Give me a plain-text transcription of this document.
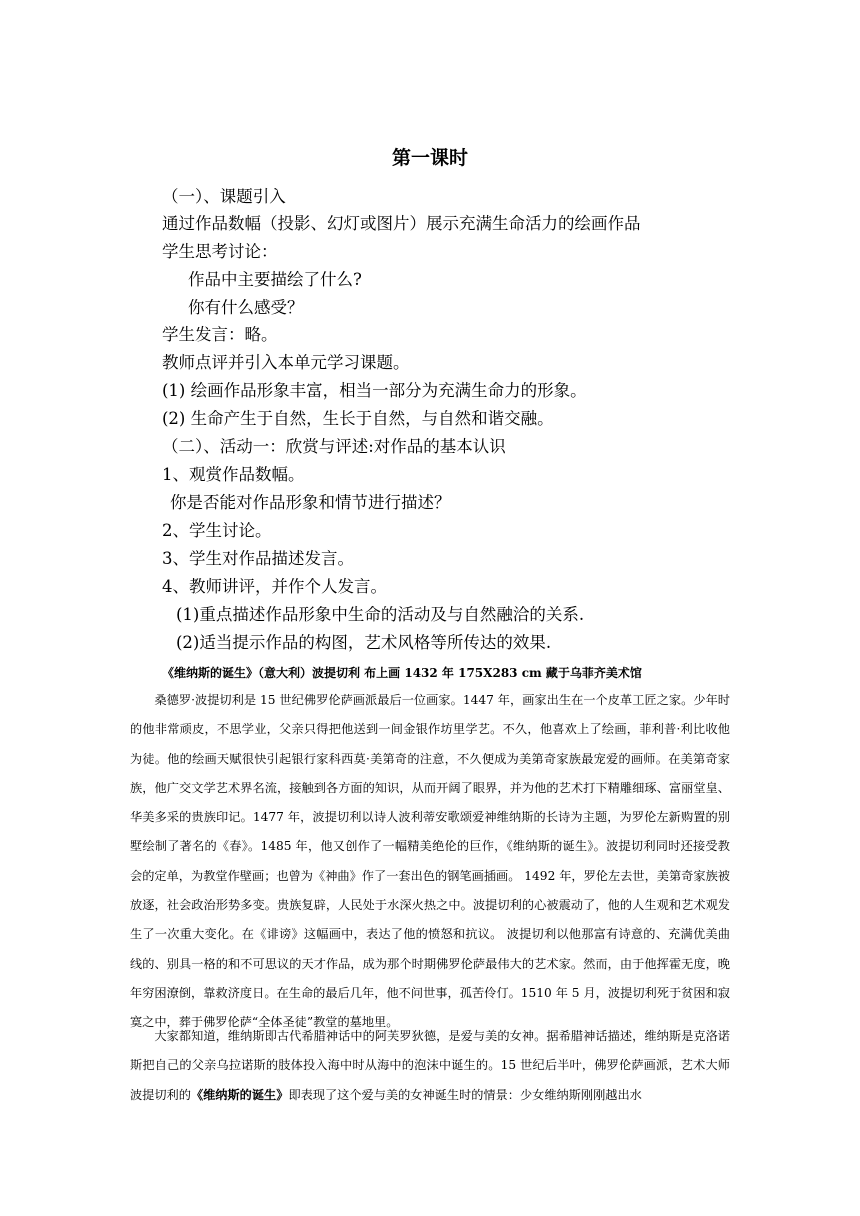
第一课时
（一）、课题引入
通过作品数幅（投影、幻灯或图片）展示充满生命活力的绘画作品
学生思考讨论：
作品中主要描绘了什么?
你有什么感受？
学生发言：略。
教师点评并引入本单元学习课题。
(1) 绘画作品形象丰富，相当一部分为充满生命力的形象。
(2) 生命产生于自然，生长于自然，与自然和谐交融。
（二）、活动一：欣赏与评述:对作品的基本认识
1、观赏作品数幅。
你是否能对作品形象和情节进行描述？
2、学生讨论。
3、学生对作品描述发言。
4、教师讲评，并作个人发言。
(1)重点描述作品形象中生命的活动及与自然融洽的关系.
(2)适当提示作品的构图，艺术风格等所传达的效果.
《维纳斯的诞生》（意大利）波提切利 布上画 1432 年 175X283 cm 藏于乌菲齐美术馆

桑德罗·波提切利是 15 世纪佛罗伦萨画派最后一位画家。1447 年，画家出生在一个皮革工匠之家。少年时的他非常顽皮，不思学业，父亲只得把他送到一间金银作坊里学艺。不久，他喜欢上了绘画，菲利普·利比收他为徒。他的绘画天赋很快引起银行家科西莫·美第奇的注意，不久便成为美第奇家族最宠爱的画师。在美第奇家族，他广交文学艺术界名流，接触到各方面的知识，从而开阔了眼界，并为他的艺术打下精雕细琢、富丽堂皇、华美多采的贵族印记。1477 年，波提切利以诗人波利蒂安歌颂爱神维纳斯的长诗为主题，为罗伦左新购置的别墅绘制了著名的《春》。1485 年，他又创作了一幅精美绝伦的巨作，《维纳斯的诞生》。波提切利同时还接受教会的定单，为教堂作壁画；也曾为《神曲》作了一套出色的钢笔画插画。 1492 年，罗伦左去世，美第奇家族被放逐，社会政治形势多变。贵族复辟，人民处于水深火热之中。波提切利的心被震动了，他的人生观和艺术观发生了一次重大变化。在《诽谤》这幅画中，表达了他的愤怒和抗议。 波提切利以他那富有诗意的、充满优美曲线的、别具一格的和不可思议的天才作品，成为那个时期佛罗伦萨最伟大的艺术家。然而，由于他挥霍无度，晚年穷困潦倒，靠救济度日。在生命的最后几年，他不问世事，孤苦伶仃。1510 年 5 月，波提切利死于贫困和寂寞之中，葬于佛罗伦萨“全体圣徒”教堂的墓地里。

大家都知道，维纳斯即古代希腊神话中的阿芙罗狄德，是爱与美的女神。据希腊神话描述，维纳斯是克洛诺斯把自己的父亲乌拉诺斯的肢体投入海中时从海中的泡沫中诞生的。15 世纪后半叶，佛罗伦萨画派，艺术大师波提切利的《维纳斯的诞生》即表现了这个爱与美的女神诞生时的情景：少女维纳斯刚刚越出水
